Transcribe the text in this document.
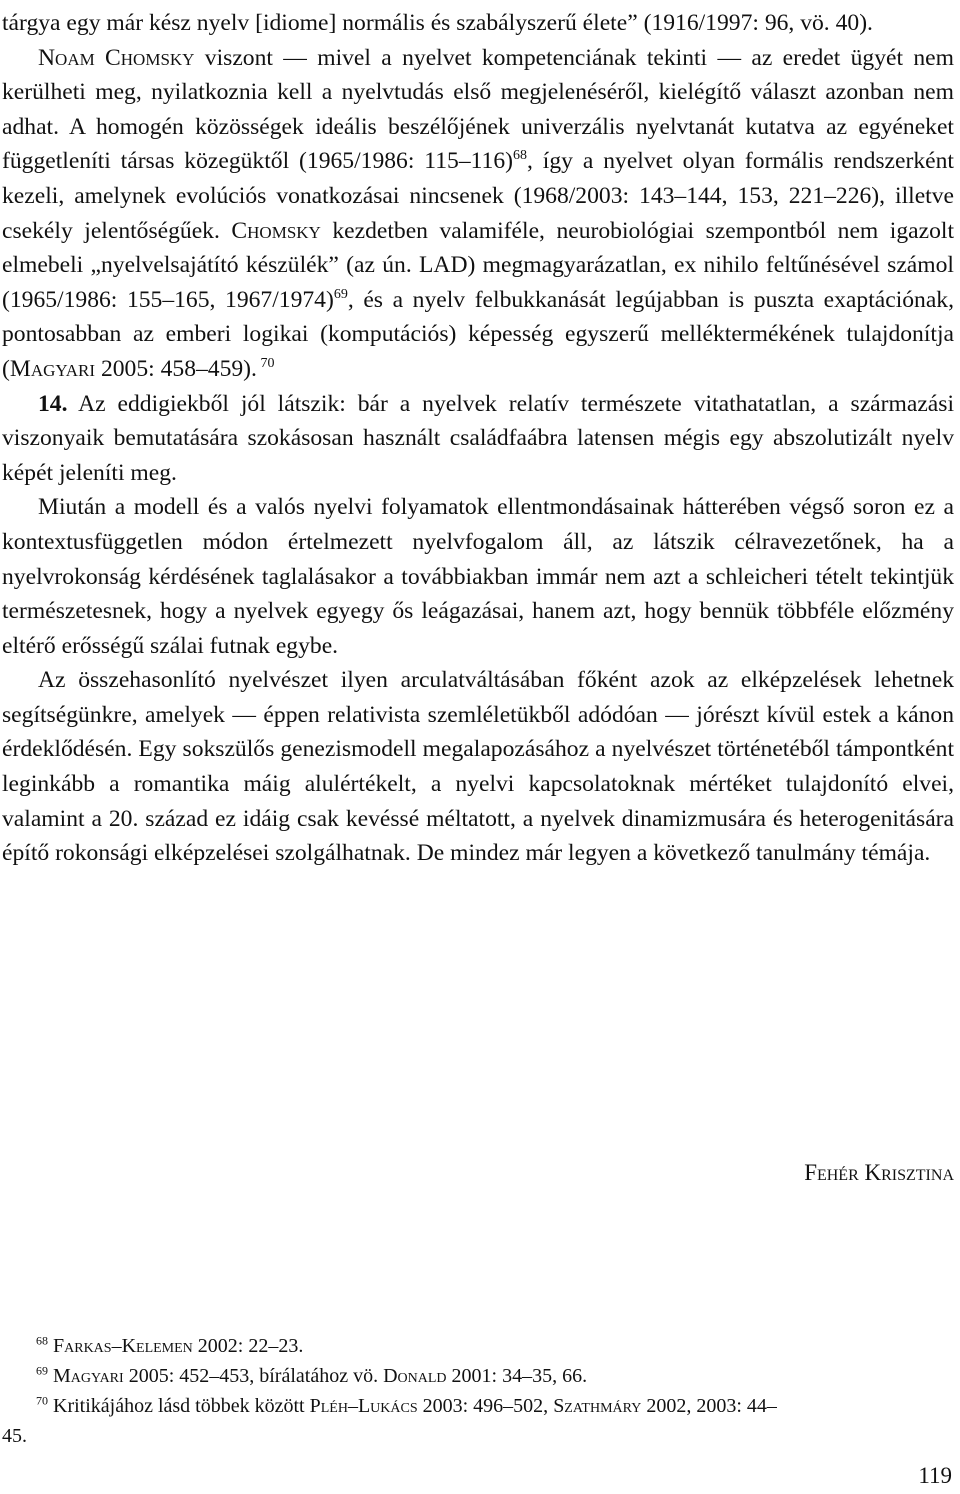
tárgya egy már kész nyelv [idiome] normális és szabályszerű élete” (1916/1997: 96, vö. 40).

Noam Chomsky viszont — mivel a nyelvet kompetenciának tekinti — az eredet ügyét nem kerülheti meg, nyilatkoznia kell a nyelvtudás első megjelenéséről, kielégítő választ azonban nem adhat. A homogén közösségek ideális beszélőjének univerzális nyelvtanát kutatva az egyéneket függetleníti társas közegüktől (1965/1986: 115–116)$^{68}$, így a nyelvet olyan formális rendszerként kezeli, amelynek evolúciós vonatkozásai nincsenek (1968/2003: 143–144, 153, 221–226), illetve csekély jelentőségűek. Chomsky kezdetben valamiféle, neurobiológiai szempontból nem igazolt elmebeli „nyelvelsajátító készülék” (az ún. LAD) megmagyarázatlan, ex nihilo feltűnésével számol (1965/1986: 155–165, 1967/1974)$^{69}$, és a nyelv felbukkanását legújabban is puszta exaptációnak, pontosabban az emberi logikai (komputációs) képesség egyszerű melléktermékének tulajdonítja (Magyari 2005: 458–459). $^{70}$

14. Az eddigiekből jól látszik: bár a nyelvek relatív természete vitathatatlan, a származási viszonyaik bemutatására szokásosan használt családfaábra latensen mégis egy abszolutizált nyelv képét jeleníti meg.

Miután a modell és a valós nyelvi folyamatok ellentmondásainak hátterében végső soron ez a kontextusfüggetlen módon értelmezett nyelvfogalom áll, az látszik célravezetőnek, ha a nyelvrokonság kérdésének taglalásakor a továbbiakban immár nem azt a schleicheri tételt tekintjük természetesnek, hogy a nyelvek egyegy ős leágazásai, hanem azt, hogy bennük többféle előzmény eltérő erősségű szálai futnak egybe.

Az összehasonlító nyelvészet ilyen arculatváltásában főként azok az elképzelések lehetnek segítségünkre, amelyek — éppen relativista szemléletükből adódóan — jórészt kívül estek a kánon érdeklődésén. Egy sokszülős genezismodell megalapozásához a nyelvészet történetéből támpontként leginkább a romantika máig alulértékelt, a nyelvi kapcsolatoknak mértéket tulajdonító elvei, valamint a 20. század ez idáig csak kevéssé méltatott, a nyelvek dinamizmusára és heterogenitására építő rokonsági elképzelései szolgálhatnak. De mindez már legyen a következő tanulmány témája.

Fehér Krisztina

$^{68}$ Farkas–Kelemen 2002: 22–23.

$^{69}$ Magyari 2005: 452–453, bírálatához vö. Donald 2001: 34–35, 66.

$^{70}$ Kritikájához lásd többek között Pléh–Lukács 2003: 496–502, Szathmáry 2002, 2003: 44–

45.
119
